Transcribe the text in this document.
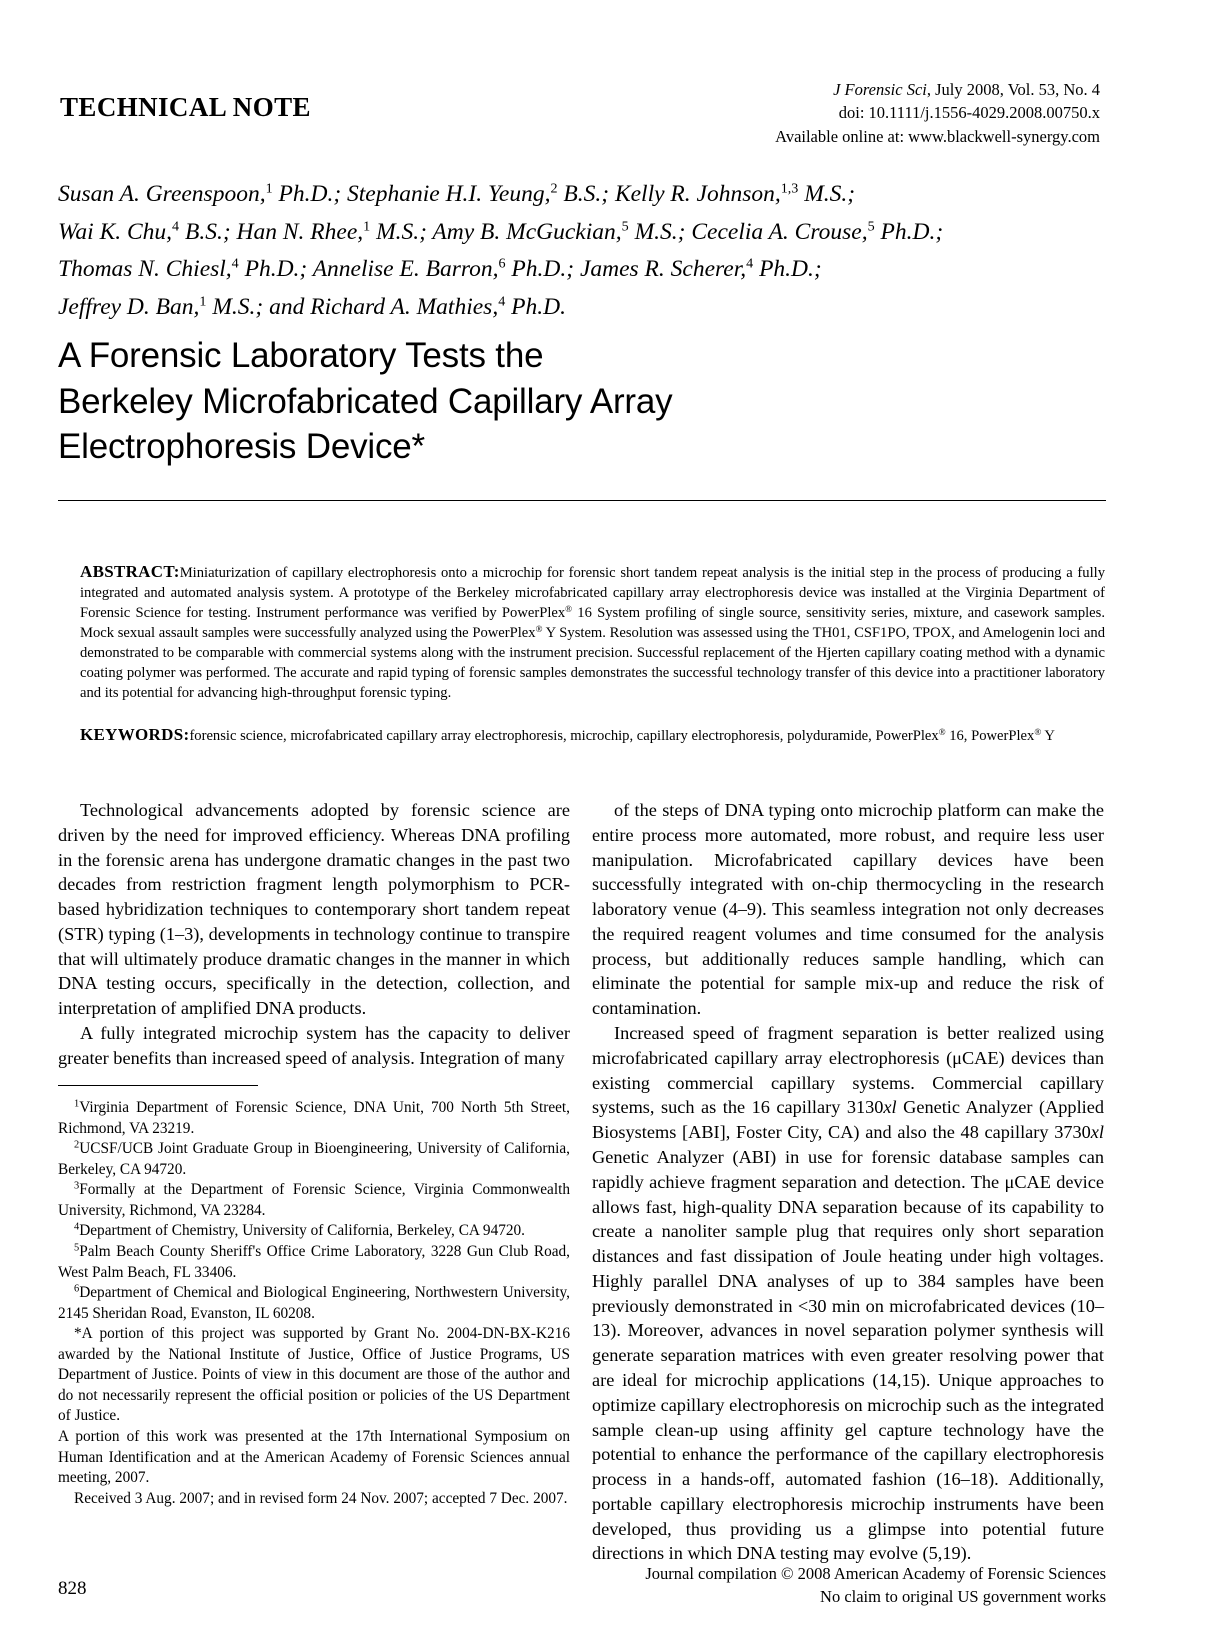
TECHNICAL NOTE
J Forensic Sci, July 2008, Vol. 53, No. 4
doi: 10.1111/j.1556-4029.2008.00750.x
Available online at: www.blackwell-synergy.com
Susan A. Greenspoon,$^1$ Ph.D.; Stephanie H.I. Yeung,$^2$ B.S.; Kelly R. Johnson,$^{1,3}$ M.S.;
Wai K. Chu,$^4$ B.S.; Han N. Rhee,$^1$ M.S.; Amy B. McGuckian,$^5$ M.S.; Cecelia A. Crouse,$^5$ Ph.D.;
Thomas N. Chiesl,$^4$ Ph.D.; Annelise E. Barron,$^6$ Ph.D.; James R. Scherer,$^4$ Ph.D.;
Jeffrey D. Ban,$^1$ M.S.; and Richard A. Mathies,$^4$ Ph.D.
A Forensic Laboratory Tests the
Berkeley Microfabricated Capillary Array
Electrophoresis Device*
ABSTRACT:Miniaturization of capillary electrophoresis onto a microchip for forensic short tandem repeat analysis is the initial step in the process of producing a fully integrated and automated analysis system. A prototype of the Berkeley microfabricated capillary array electrophoresis device was installed at the Virginia Department of Forensic Science for testing. Instrument performance was verified by PowerPlex® 16 System profiling of single source, sensitivity series, mixture, and casework samples. Mock sexual assault samples were successfully analyzed using the PowerPlex® Y System. Resolution was assessed using the TH01, CSF1PO, TPOX, and Amelogenin loci and demonstrated to be comparable with commercial systems along with the instrument precision. Successful replacement of the Hjerten capillary coating method with a dynamic coating polymer was performed. The accurate and rapid typing of forensic samples demonstrates the successful technology transfer of this device into a practitioner laboratory and its potential for advancing high-throughput forensic typing.
KEYWORDS:forensic science, microfabricated capillary array electrophoresis, microchip, capillary electrophoresis, polyduramide, PowerPlex® 16, PowerPlex® Y

Technological advancements adopted by forensic science are driven by the need for improved efficiency. Whereas DNA profiling in the forensic arena has undergone dramatic changes in the past two decades from restriction fragment length polymorphism to PCR-based hybridization techniques to contemporary short tandem repeat (STR) typing (1–3), developments in technology continue to transpire that will ultimately produce dramatic changes in the manner in which DNA testing occurs, specifically in the detection, collection, and interpretation of amplified DNA products.

A fully integrated microchip system has the capacity to deliver greater benefits than increased speed of analysis. Integration of many

of the steps of DNA typing onto microchip platform can make the entire process more automated, more robust, and require less user manipulation. Microfabricated capillary devices have been successfully integrated with on-chip thermocycling in the research laboratory venue (4–9). This seamless integration not only decreases the required reagent volumes and time consumed for the analysis process, but additionally reduces sample handling, which can eliminate the potential for sample mix-up and reduce the risk of contamination.

Increased speed of fragment separation is better realized using microfabricated capillary array electrophoresis (μCAE) devices than existing commercial capillary systems. Commercial capillary systems, such as the 16 capillary 3130xl Genetic Analyzer (Applied Biosystems [ABI], Foster City, CA) and also the 48 capillary 3730xl Genetic Analyzer (ABI) in use for forensic database samples can rapidly achieve fragment separation and detection. The μCAE device allows fast, high-quality DNA separation because of its capability to create a nanoliter sample plug that requires only short separation distances and fast dissipation of Joule heating under high voltages. Highly parallel DNA analyses of up to 384 samples have been previously demonstrated in <30 min on microfabricated devices (10–13). Moreover, advances in novel separation polymer synthesis will generate separation matrices with even greater resolving power that are ideal for microchip applications (14,15). Unique approaches to optimize capillary electrophoresis on microchip such as the integrated sample clean-up using affinity gel capture technology have the potential to enhance the performance of the capillary electrophoresis process in a hands-off, automated fashion (16–18). Additionally, portable capillary electrophoresis microchip instruments have been developed, thus providing us a glimpse into potential future directions in which DNA testing may evolve (5,19).

$^1$Virginia Department of Forensic Science, DNA Unit, 700 North 5th Street, Richmond, VA 23219.

$^2$UCSF/UCB Joint Graduate Group in Bioengineering, University of California, Berkeley, CA 94720.

$^3$Formally at the Department of Forensic Science, Virginia Commonwealth University, Richmond, VA 23284.

$^4$Department of Chemistry, University of California, Berkeley, CA 94720.

$^5$Palm Beach County Sheriff's Office Crime Laboratory, 3228 Gun Club Road, West Palm Beach, FL 33406.

$^6$Department of Chemical and Biological Engineering, Northwestern University, 2145 Sheridan Road, Evanston, IL 60208.

*A portion of this project was supported by Grant No. 2004-DN-BX-K216 awarded by the National Institute of Justice, Office of Justice Programs, US Department of Justice. Points of view in this document are those of the author and do not necessarily represent the official position or policies of the US Department of Justice.

A portion of this work was presented at the 17th International Symposium on Human Identification and at the American Academy of Forensic Sciences annual meeting, 2007.

Received 3 Aug. 2007; and in revised form 24 Nov. 2007; accepted 7 Dec. 2007.

828
Journal compilation © 2008 American Academy of Forensic Sciences
No claim to original US government works
